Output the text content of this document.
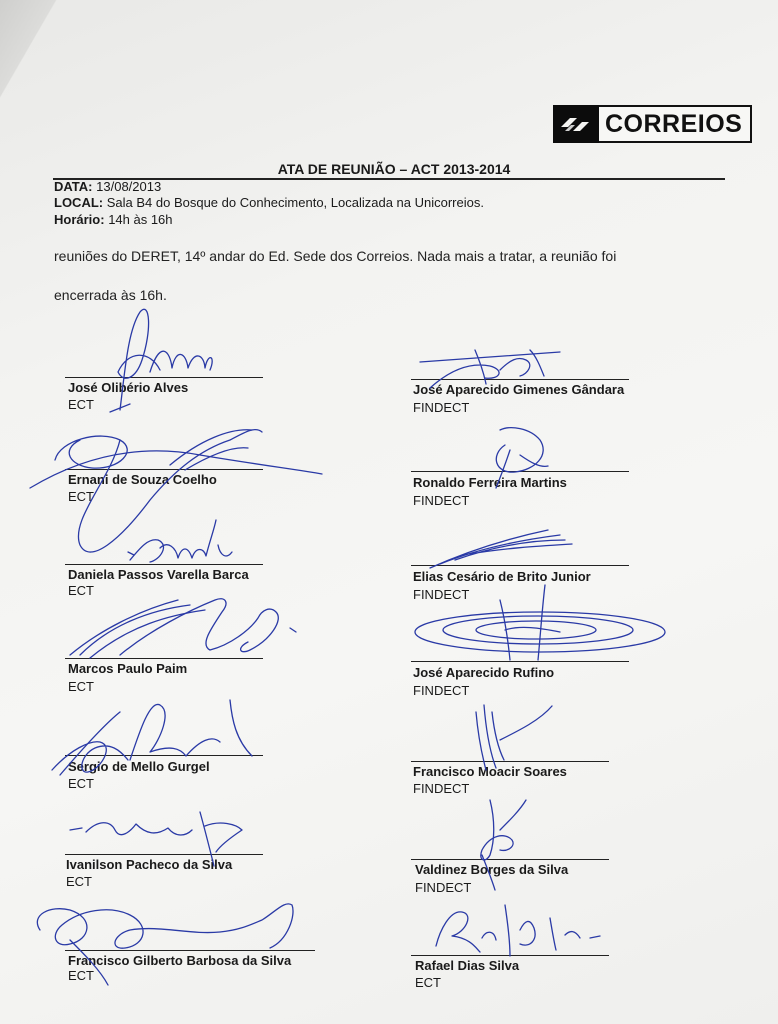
CORREIOS
ATA DE REUNIÃO – ACT 2013-2014
DATA: 13/08/2013
LOCAL: Sala B4 do Bosque do Conhecimento, Localizada na Unicorreios.
Horário: 14h às 16h
reuniões do DERET, 14º andar do Ed. Sede dos Correios. Nada mais a tratar, a reunião foi
encerrada às 16h.
José Olibério Alves
ECT
Ernani de Souza Coelho
ECT
Daniela Passos Varella Barca
ECT
Marcos Paulo Paim
ECT
Sergio de Mello Gurgel
ECT
Ivanilson Pacheco da Silva
ECT
Francisco Gilberto Barbosa da Silva
ECT
José Aparecido Gimenes Gândara
FINDECT
Ronaldo Ferreira Martins
FINDECT
Elias Cesário de Brito Junior
FINDECT
José Aparecido Rufino
FINDECT
Francisco Moacir Soares
FINDECT
Valdinez Borges da Silva
FINDECT
Rafael Dias Silva
ECT
